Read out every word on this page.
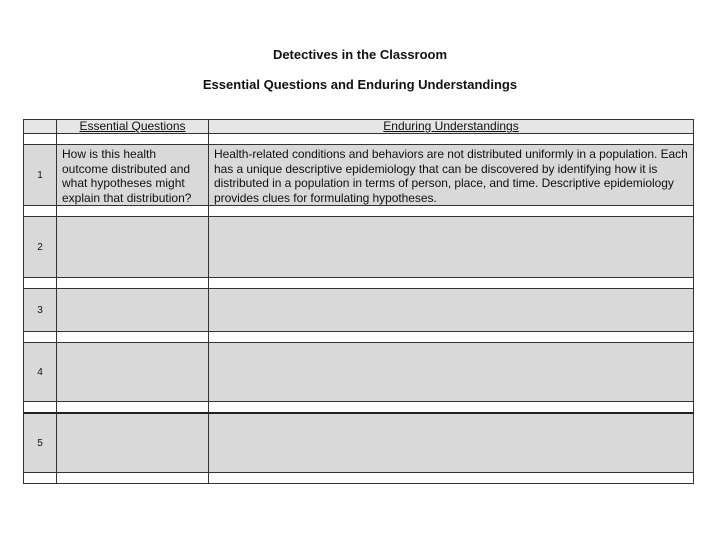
Detectives in the Classroom

Essential Questions and Enduring Understandings

	Essential Questions	Enduring Understandings

1	How is this health outcome distributed and what hypotheses might explain that distribution?	Health-related conditions and behaviors are not distributed uniformly in a population. Each has a unique descriptive epidemiology that can be discovered by identifying how it is distributed in a population in terms of person, place, and time. Descriptive epidemiology provides clues for formulating hypotheses.

2	

3	

4	

5	
